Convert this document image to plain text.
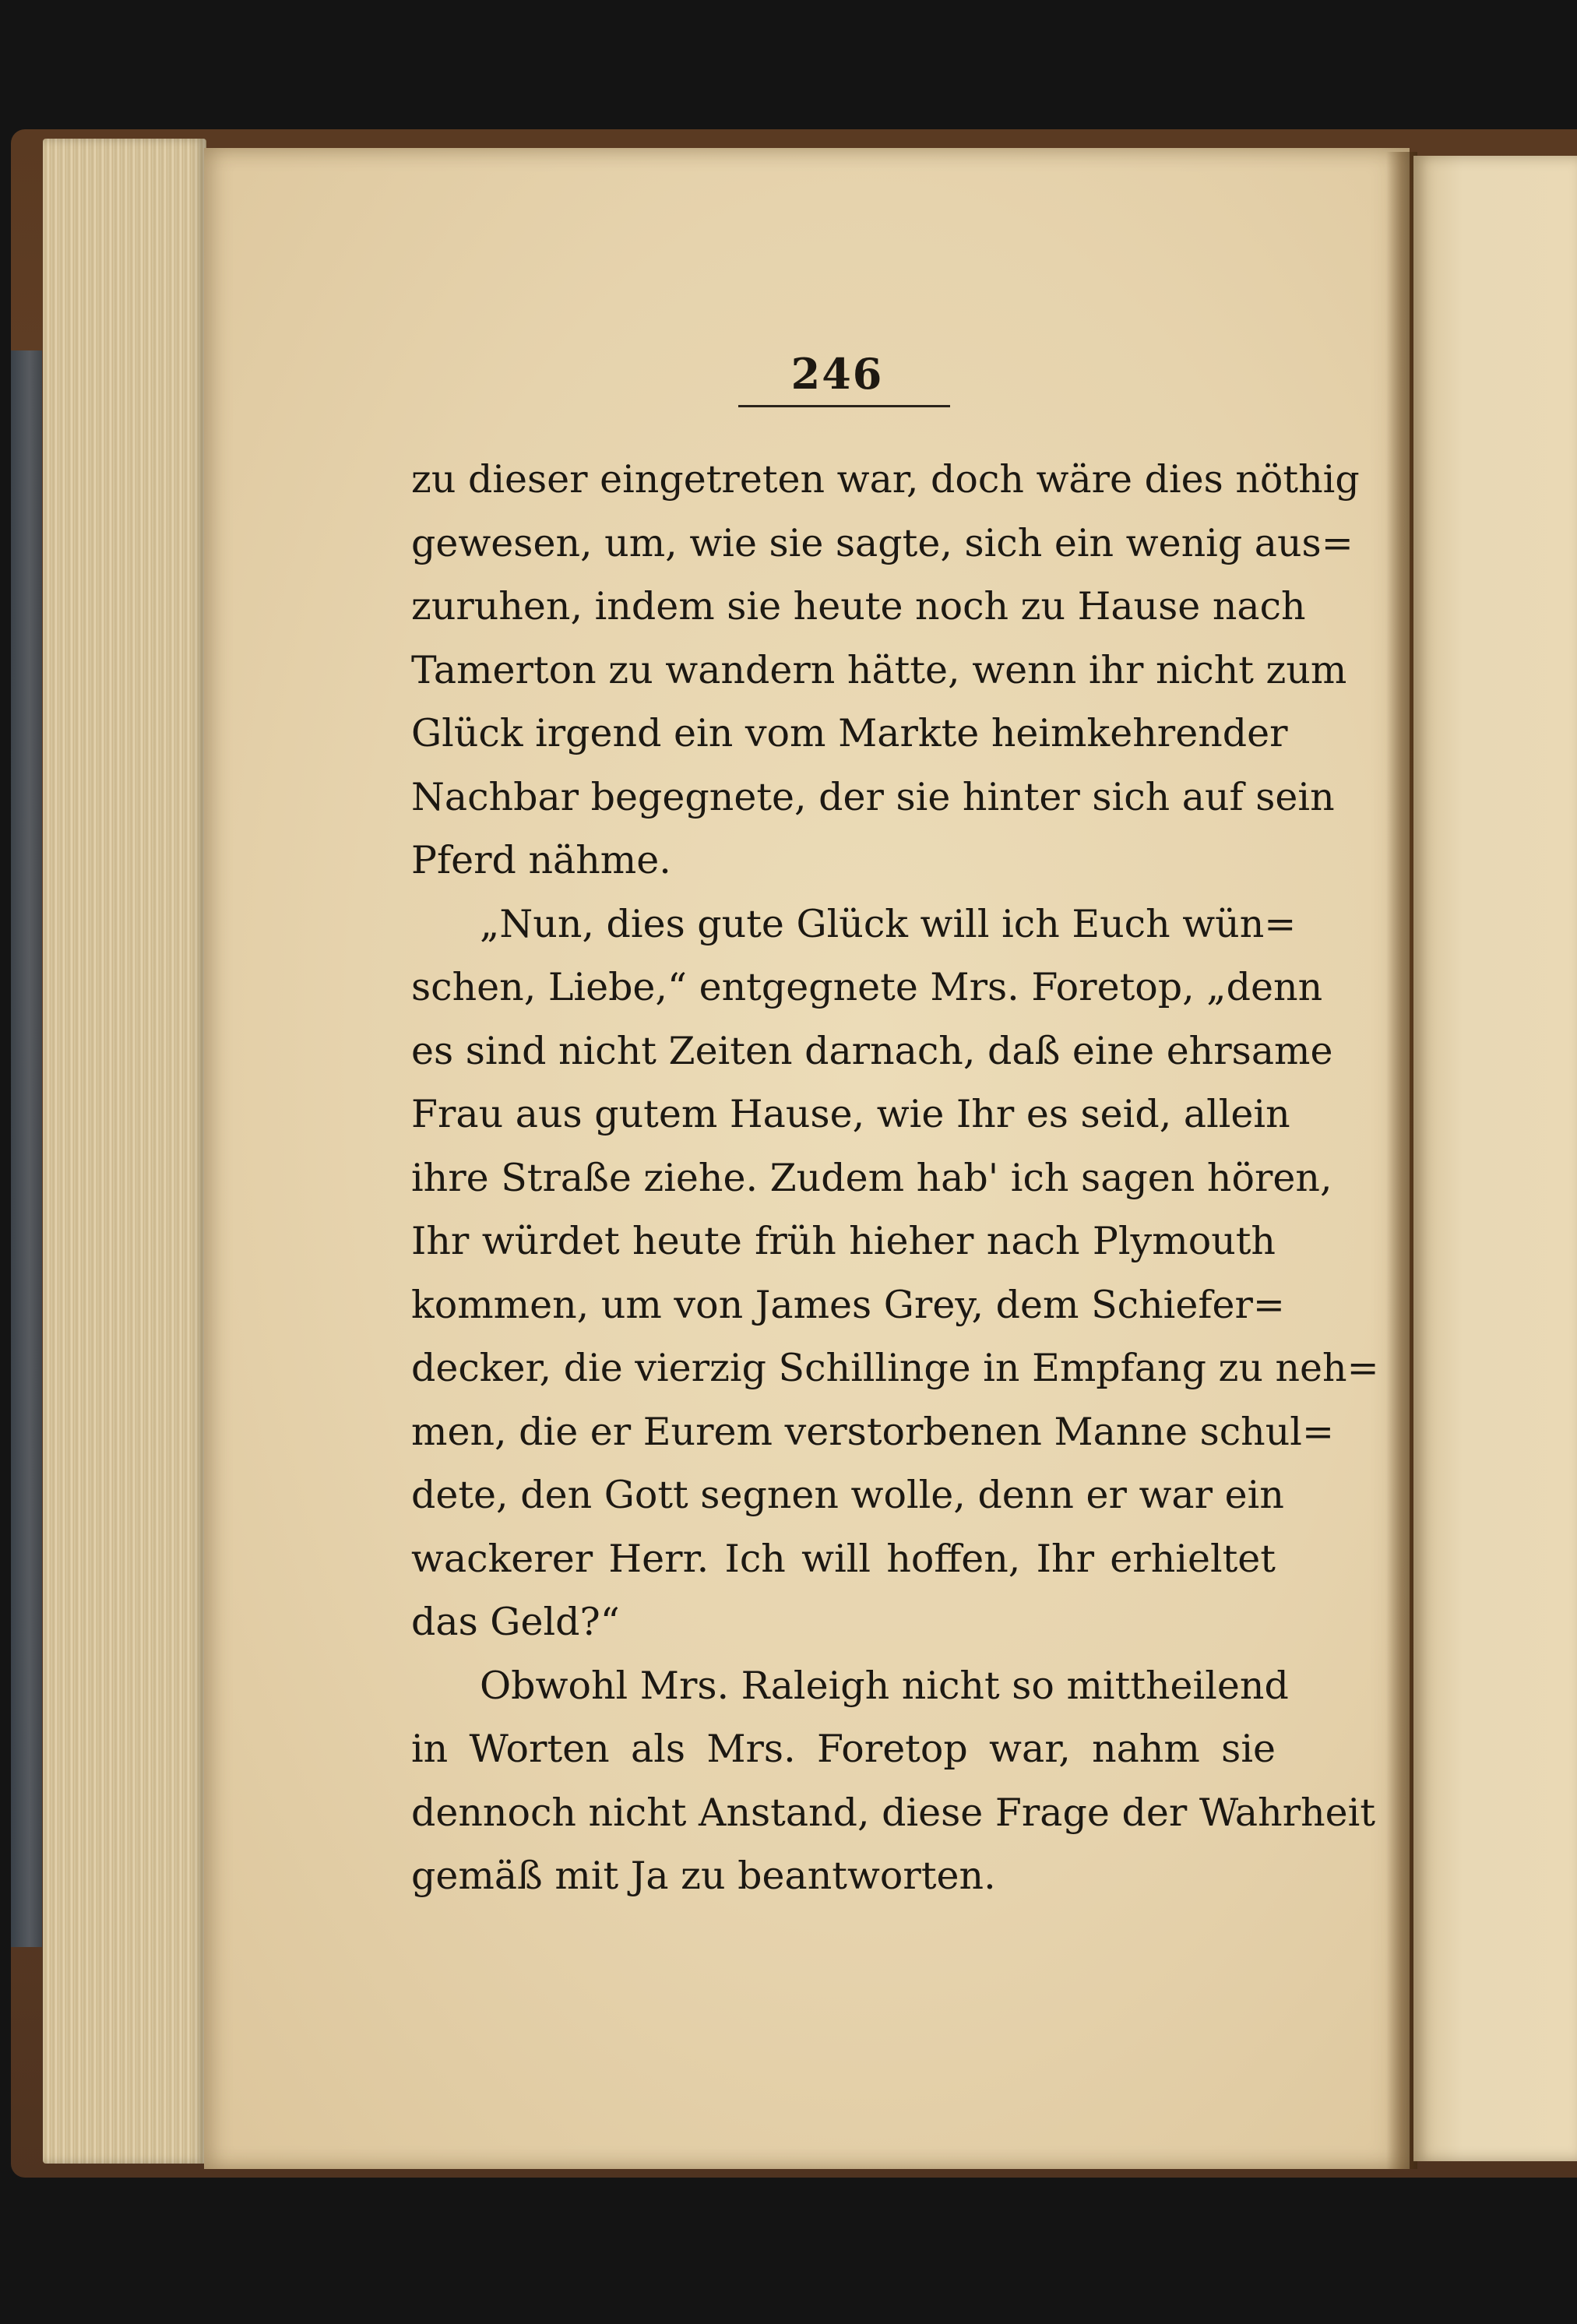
246
zu dieser eingetreten war, doch wäre dies nöthig
gewesen, um, wie sie sagte, sich ein wenig aus=
zuruhen, indem sie heute noch zu Hause nach
Tamerton zu wandern hätte, wenn ihr nicht zum
Glück irgend ein vom Markte heimkehrender
Nachbar begegnete, der sie hinter sich auf sein
Pferd nähme.
„Nun, dies gute Glück will ich Euch wün=
schen, Liebe,“ entgegnete Mrs. Foretop, „denn
es sind nicht Zeiten darnach, daß eine ehrsame
Frau aus gutem Hause, wie Ihr es seid, allein
ihre Straße ziehe. Zudem hab' ich sagen hören,
Ihr würdet heute früh hieher nach Plymouth
kommen, um von James Grey, dem Schiefer=
decker, die vierzig Schillinge in Empfang zu neh=
men, die er Eurem verstorbenen Manne schul=
dete, den Gott segnen wolle, denn er war ein
wackerer Herr. Ich will hoffen, Ihr erhieltet
das Geld?“
Obwohl Mrs. Raleigh nicht so mittheilend
in Worten als Mrs. Foretop war, nahm sie
dennoch nicht Anstand, diese Frage der Wahrheit
gemäß mit Ja zu beantworten.
